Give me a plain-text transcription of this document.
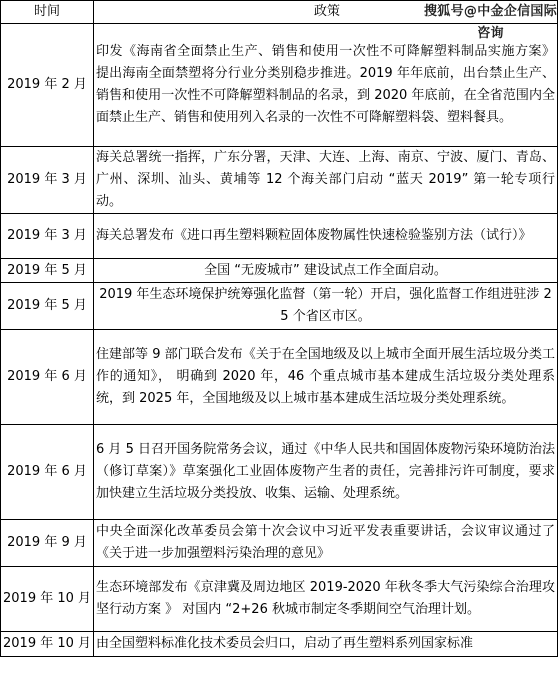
时间	政策 搜狐号@中金企信国际咨询

2019 年 2 月	印发《海南省全面禁止生产、销售和使用一次性不可降解塑料制品实施方案》 提出海南全面禁塑将分行业分类别稳步推进。2019 年年底前，出台禁止生产、销售和使用一次性不可降解塑料制品的名录，到 2020 年底前，在全省范围内全面禁止生产、销售和使用列入名录的一次性不可降解塑料袋、塑料餐具。
2019 年 3 月	海关总署统一指挥，广东分署，天津、大连、上海、南京、宁波、厦门、青岛、广州、深圳、汕头、黄埔等 12 个海关部门启动 “蓝天 2019” 第一轮专项行动。
2019 年 3 月	海关总署发布《进口再生塑料颗粒固体废物属性快速检验鉴别方法（试行）》
2019 年 5 月	全国 “无废城市” 建设试点工作全面启动。
2019 年 5 月	2019 年生态环境保护统筹强化监督（第一轮）开启，强化监督工作组进驻涉 25 个省区市区。
2019 年 6 月	住建部等 9 部门联合发布《关于在全国地级及以上城市全面开展生活垃圾分类工作的通知》， 明确到 2020 年，46 个重点城市基本建成生活垃圾分类处理系统，到 2025 年，全国地级及以上城市基本建成生活垃圾分类处理系统。
2019 年 6 月	6 月 5 日召开国务院常务会议，通过《中华人民共和国固体废物污染环境防治法（修订草案）》草案强化工业固体废物产生者的责任，完善排污许可制度，要求加快建立生活垃圾分类投放、收集、运输、处理系统。
2019 年 9 月	中央全面深化改革委员会第十次会议中习近平发表重要讲话，会议审议通过了《关于进一步加强塑料污染治理的意见》
2019 年 10 月	生态环境部发布《京津冀及周边地区 2019-2020 年秋冬季大气污染综合治理攻坚行动方案 》 对国内 “2+26 秋城市制定冬季期间空气治理计划。
2019 年 10 月	由全国塑料标准化技术委员会归口，启动了再生塑料系列国家标准
